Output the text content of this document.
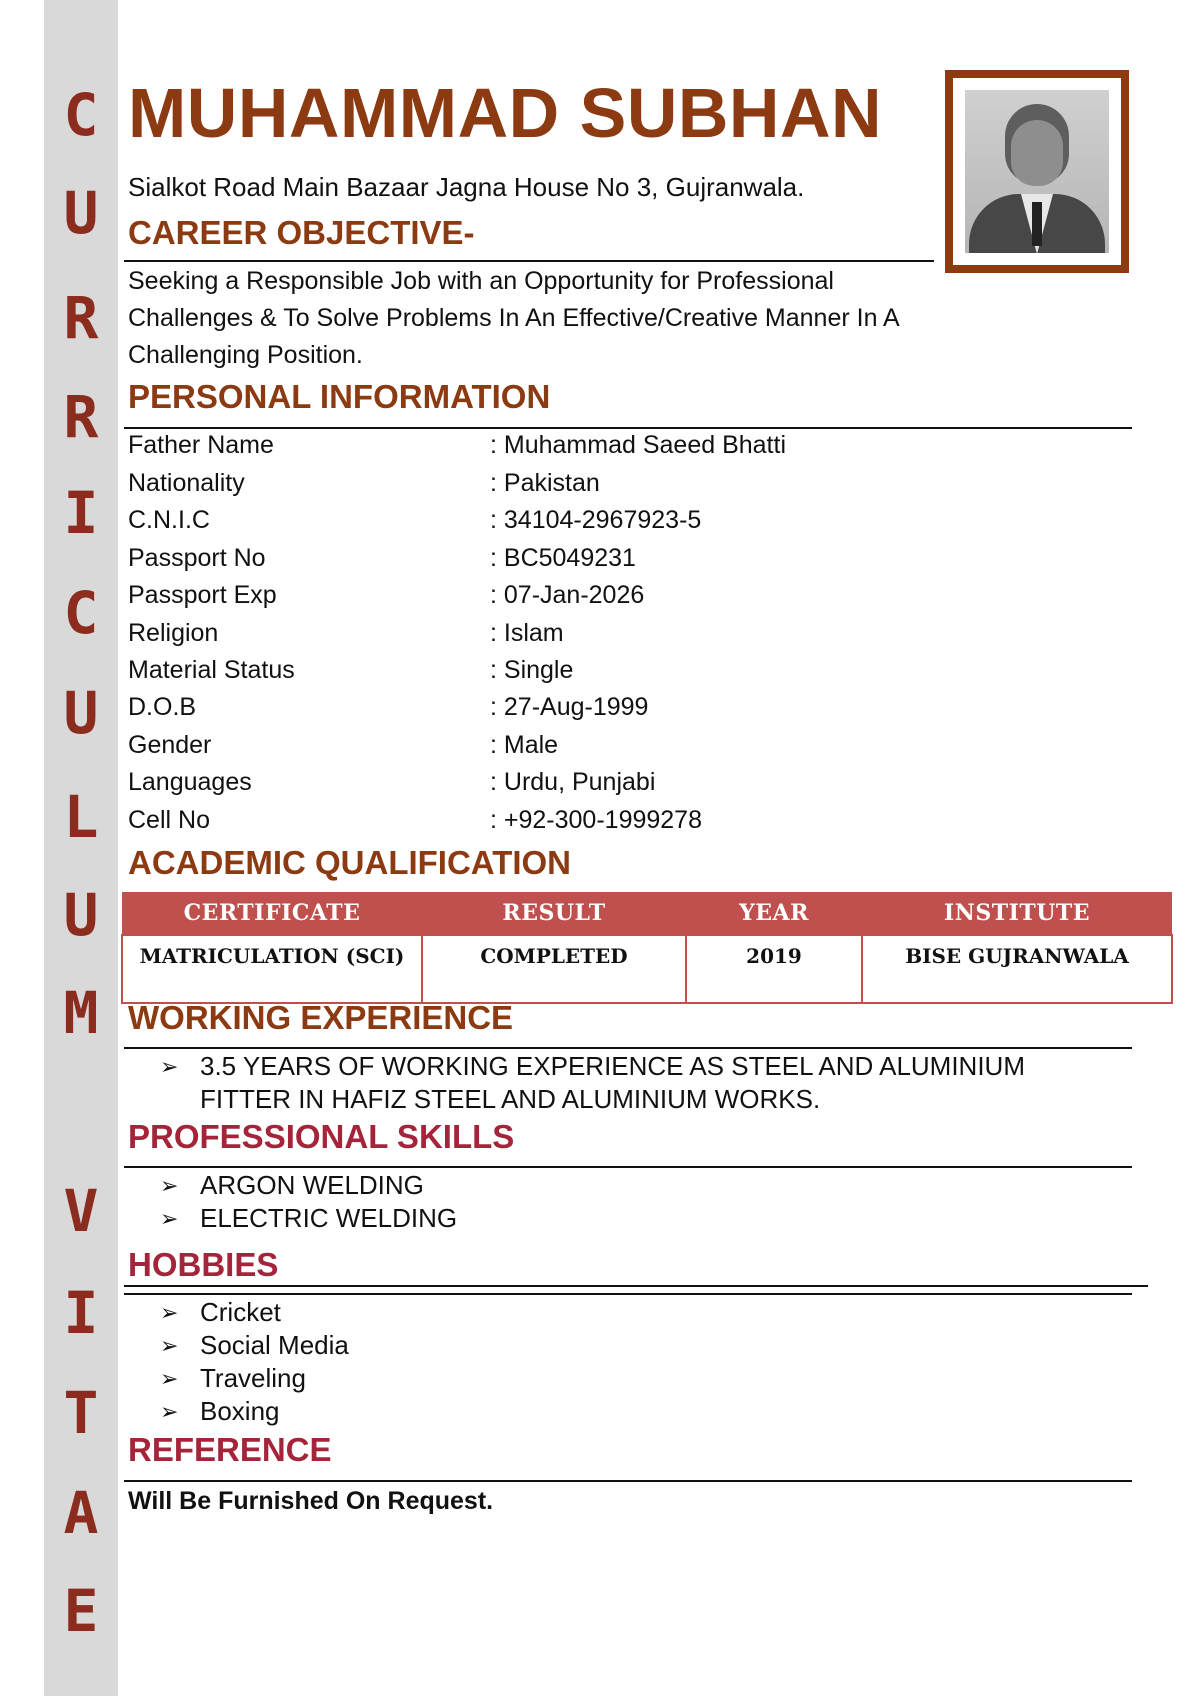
C
U
R
R
I
C
U
L
U
M
V
I
T
A
E
MUHAMMAD SUBHAN
Sialkot Road Main Bazaar Jagna House No 3, Gujranwala.
CAREER OBJECTIVE-
Seeking a Responsible Job with an Opportunity for Professional
Challenges & To Solve Problems In An Effective/Creative Manner In A
Challenging Position.
PERSONAL INFORMATION
Father Name	: Muhammad Saeed Bhatti
Nationality	: Pakistan
C.N.I.C	: 34104-2967923-5
Passport No	: BC5049231
Passport Exp	: 07-Jan-2026
Religion	: Islam
Material Status	: Single
D.O.B	: 27-Aug-1999
Gender	: Male
Languages	: Urdu, Punjabi
Cell No	: +92-300-1999278
ACADEMIC QUALIFICATION
CERTIFICATE	RESULT	YEAR	INSTITUTE
MATRICULATION (SCI)	COMPLETED	2019	BISE GUJRANWALA
WORKING EXPERIENCE
➢ 3.5 YEARS OF WORKING EXPERIENCE AS STEEL AND ALUMINIUM
FITTER IN HAFIZ STEEL AND ALUMINIUM WORKS.
PROFESSIONAL SKILLS
➢ ARGON WELDING
➢ ELECTRIC WELDING
HOBBIES
➢ Cricket
➢ Social Media
➢ Traveling
➢ Boxing
REFERENCE
Will Be Furnished On Request.
